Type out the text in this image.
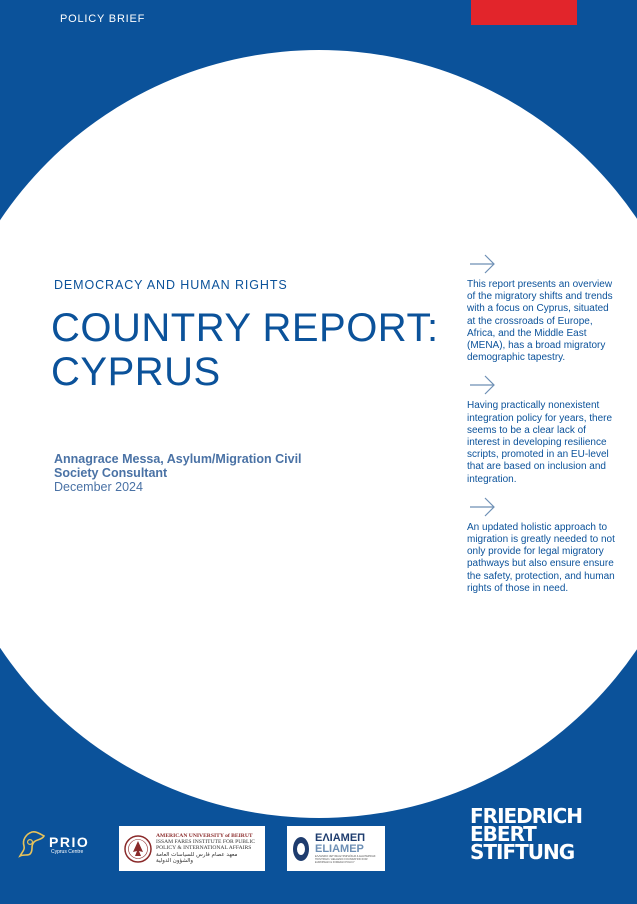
POLICY BRIEF
DEMOCRACY AND HUMAN RIGHTS
COUNTRY REPORT:
CYPRUS
Annagrace Messa, Asylum/Migration Civil Society Consultant
December 2024
This report presents an overview of the migratory shifts and trends with a focus on Cyprus, situated at the crossroads of Europe, Africa, and the Middle East (MENA), has a broad migratory demographic tapestry.
Having practically nonexistent integration policy for years, there seems to be a clear lack of interest in developing resilience scripts, promoted in an EU-level that are based on inclusion and integration.
An updated holistic approach to migration is greatly needed to not only provide for legal migratory pathways but also ensure ensure the safety, protection, and human rights of those in need.
PRIO
Cyprus Centre
AMERICAN UNIVERSITY of BEIRUT
ISSAM FARES INSTITUTE FOR PUBLIC
POLICY & INTERNATIONAL AFFAIRS
معهد عصام فارس للسياسات العامة
والشؤون الدولية
ΕΛΙΑΜΕΠ
ELIAMEP
ΕΛΛΗΝΙΚΟ ΙΔΡΥΜΑ ΕΥΡΩΠΑΪΚΗΣ & ΕΞΩΤΕΡΙΚΗΣ ΠΟΛΙΤΙΚΗΣ / HELLENIC FOUNDATION FOR EUROPEAN & FOREIGN POLICY
FRIEDRICH
EBERT
STIFTUNG
